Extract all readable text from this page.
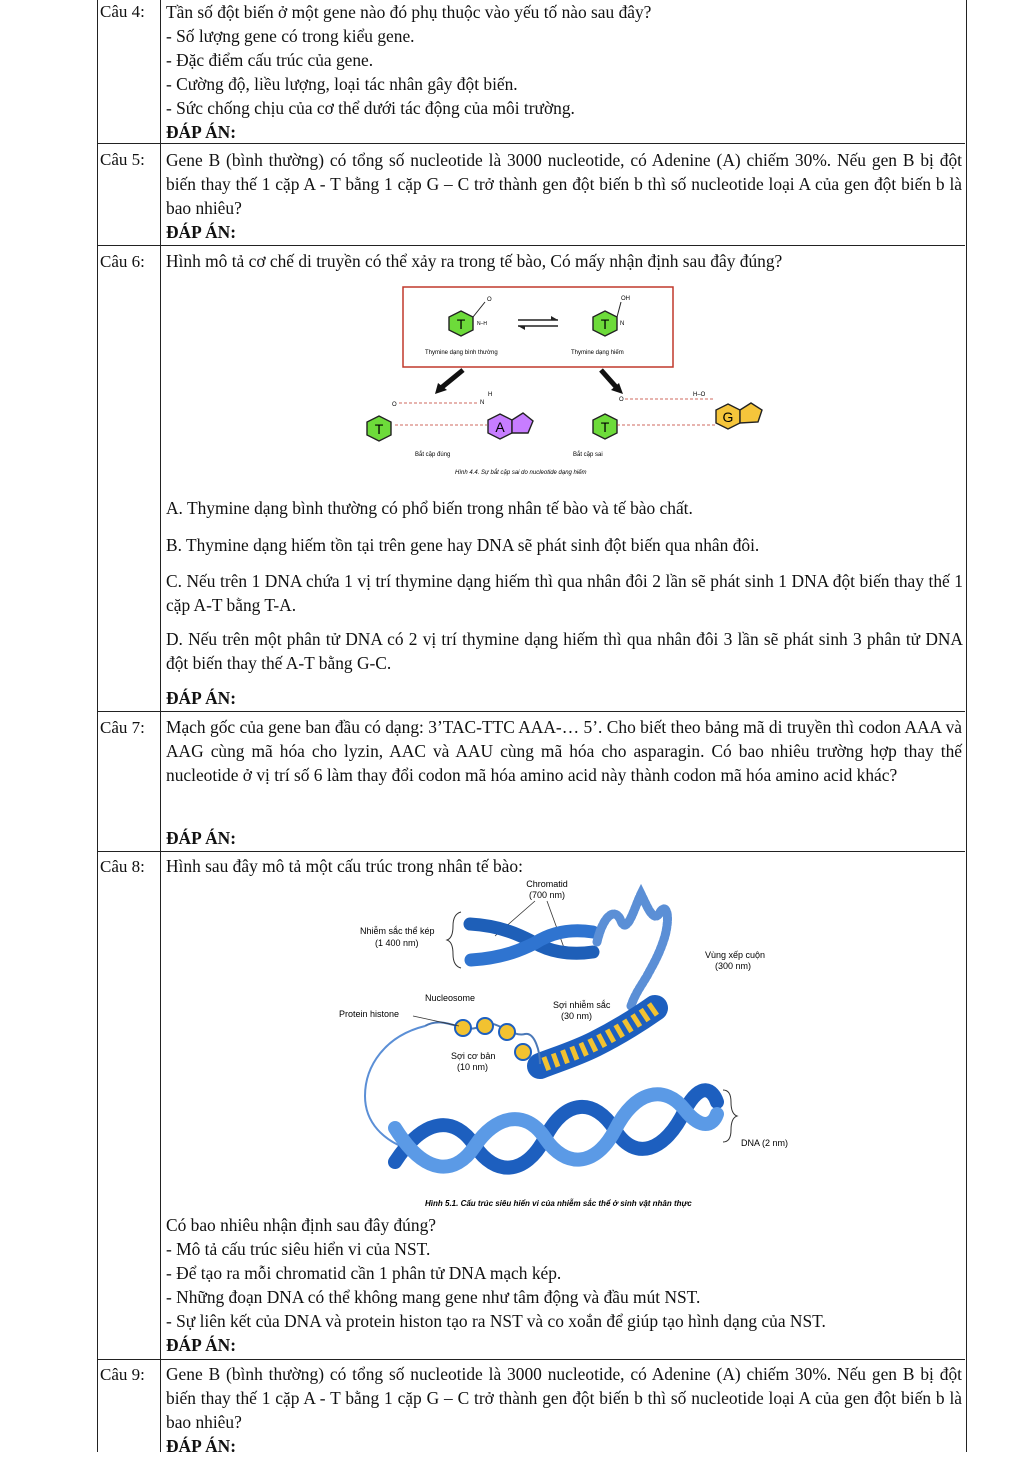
Câu 4: Tần số đột biến ở một gene nào đó phụ thuộc vào yếu tố nào sau đây?
- Số lượng gene có trong kiểu gene.
- Đặc điểm cấu trúc của gene.
- Cường độ, liều lượng, loại tác nhân gây đột biến.
- Sức chống chịu của cơ thể dưới tác động của môi trường.
ĐÁP ÁN:
Câu 5: Gene B (bình thường) có tổng số nucleotide là 3000 nucleotide, có Adenine (A) chiếm 30%. Nếu gen B bị đột biến thay thế 1 cặp A - T bằng 1 cặp G – C trở thành gen đột biến b thì số nucleotide loại A của gen đột biến b là bao nhiêu?
ĐÁP ÁN:
Câu 6: Hình mô tả cơ chế di truyền có thể xảy ra trong tế bào, Có mấy nhận định sau đây đúng?
T
O
N–H	T
OH
N
Thymine dạng bình thường	Thymine dạng hiếm
T
O	N
H
A
Bắt cặp đúng
T
O
H–O
Bắt cặp sai
Hình 4.4. Sự bắt cặp sai do nucleotide dạng hiếm
G
A. Thymine dạng bình thường có phổ biến trong nhân tế bào và tế bào chất.
B. Thymine dạng hiếm tồn tại trên gene hay DNA sẽ phát sinh đột biến qua nhân đôi.
C. Nếu trên 1 DNA chứa 1 vị trí thymine dạng hiếm thì qua nhân đôi 2 lần sẽ phát sinh 1 DNA đột biến thay thế 1 cặp A-T bằng T-A.
D. Nếu trên một phân tử DNA có 2 vị trí thymine dạng hiếm thì qua nhân đôi 3 lần sẽ phát sinh 3 phân tử DNA đột biến thay thế A-T bằng G-C.
ĐÁP ÁN:
Câu 7: Mạch gốc của gene ban đầu có dạng: 3’TAC-TTC AAA-… 5’. Cho biết theo bảng mã di truyền thì codon AAA và AAG cùng mã hóa cho lyzin, AAC và AAU cùng mã hóa cho asparagin. Có bao nhiêu trường hợp thay thế nucleotide ở vị trí số 6 làm thay đổi codon mã hóa amino acid này thành codon mã hóa amino acid khác?
ĐÁP ÁN:
Câu 8: Hình sau đây mô tả một cấu trúc trong nhân tế bào:
Chromatid
(700 nm)
Nhiễm sắc thể kép
(1 400 nm)
Vùng xếp cuộn
(300 nm)
Sợi nhiễm sắc
(30 nm)
Nucleosome
Protein histone
Sợi cơ bản
(10 nm)
DNA (2 nm)
Hình 5.1. Cấu trúc siêu hiển vi của nhiễm sắc thể ở sinh vật nhân thực
Có bao nhiêu nhận định sau đây đúng?
- Mô tả cấu trúc siêu hiển vi của NST.
- Để tạo ra mỗi chromatid cần 1 phân tử DNA mạch kép.
- Những đoạn DNA có thể không mang gene như tâm động và đầu mút NST.
- Sự liên kết của DNA và protein histon tạo ra NST và co xoắn để giúp tạo hình dạng của NST.
ĐÁP ÁN:
Câu 9: Gene B (bình thường) có tổng số nucleotide là 3000 nucleotide, có Adenine (A) chiếm 30%. Nếu gen B bị đột biến thay thế 1 cặp A - T bằng 1 cặp G – C trở thành gen đột biến b thì số nucleotide loại A của gen đột biến b là bao nhiêu?
ĐÁP ÁN:
